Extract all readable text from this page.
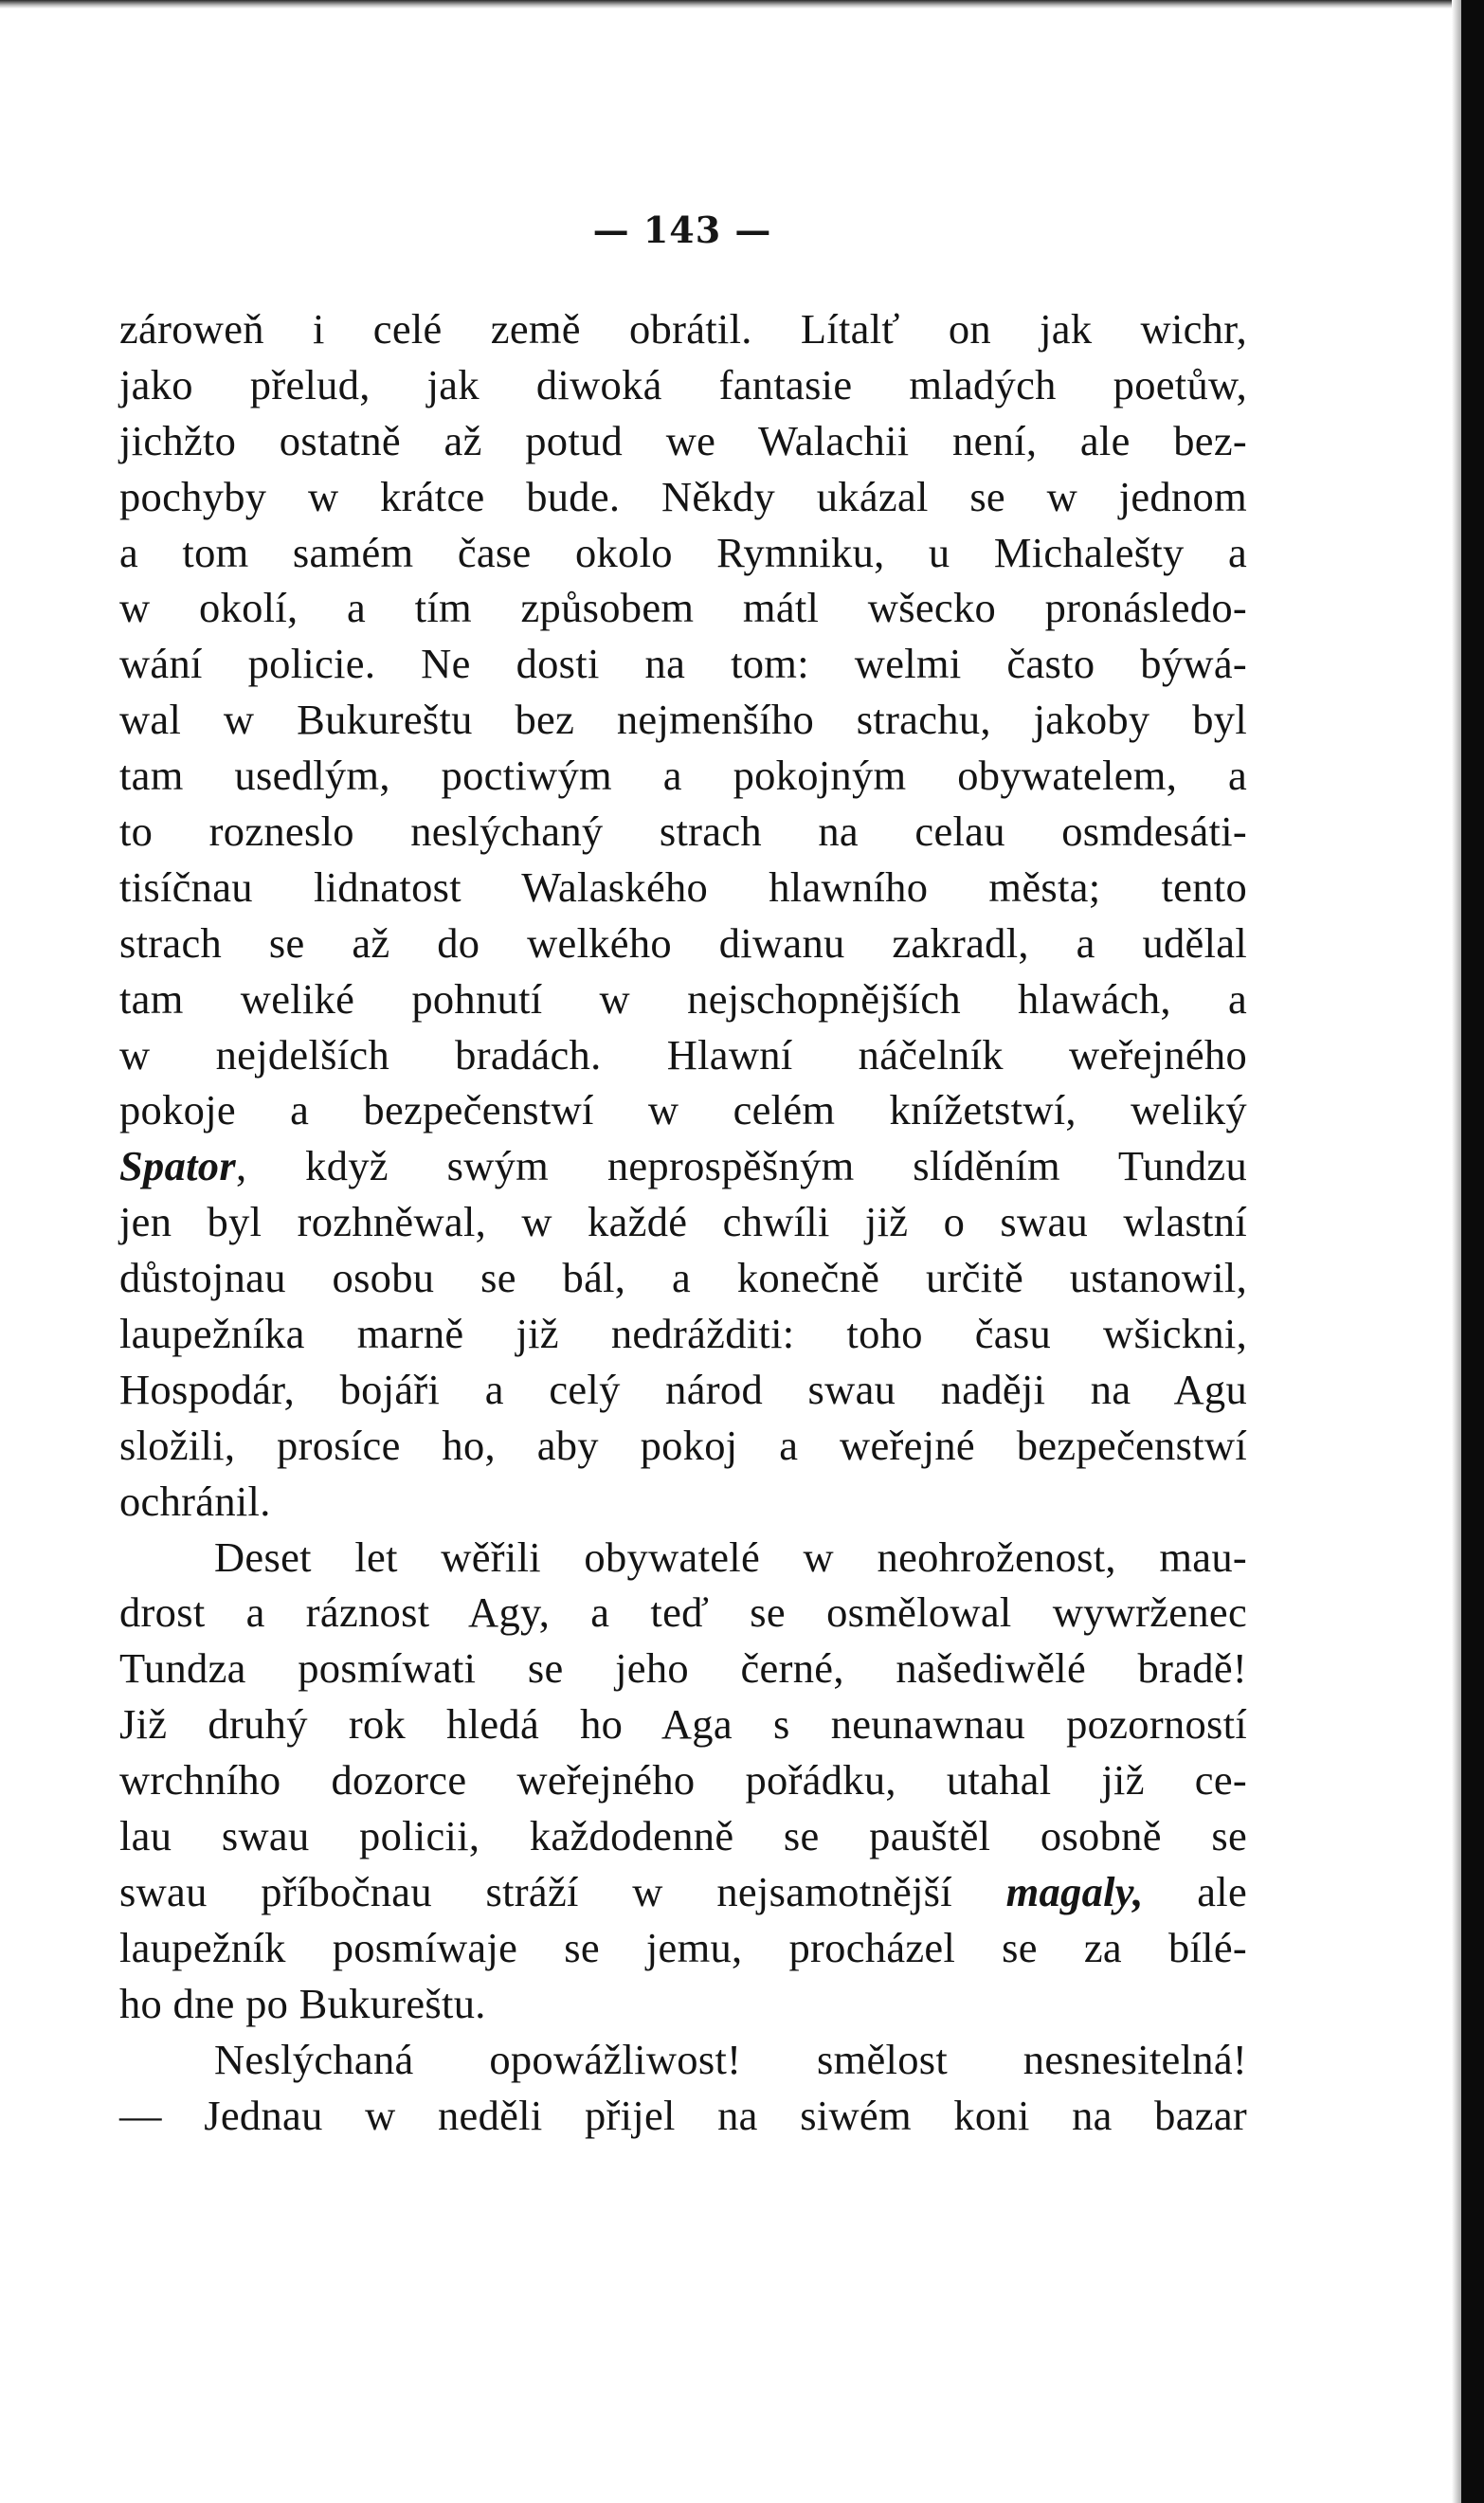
— 143 —
zároweň i celé země obrátil. Lítalť on jak wichr,
jako přelud, jak diwoká fantasie mladých poetůw,
jichžto ostatně až potud we Walachii není, ale bez-
pochyby w krátce bude. Někdy ukázal se w jednom
a tom samém čase okolo Rymniku, u Michalešty a
w okolí, a tím způsobem mátl wšecko pronásledo-
wání policie. Ne dosti na tom: welmi často býwá-
wal w Bukureštu bez nejmenšího strachu, jakoby byl
tam usedlým, poctiwým a pokojným obywatelem, a
to rozneslo neslýchaný strach na celau osmdesáti-
tisíčnau lidnatost Walaského hlawního města; tento
strach se až do welkého diwanu zakradl, a udělal
tam weliké pohnutí w nejschopnějších hlawách, a
w nejdelších bradách. Hlawní náčelník weřejného
pokoje a bezpečenstwí w celém knížetstwí, weliký
Spator, když swým neprospěšným slíděním Tundzu
jen byl rozhněwal, w každé chwíli již o swau wlastní
důstojnau osobu se bál, a konečně určitě ustanowil,
laupežníka marně již nedrážditi: toho času wšickni,
Hospodár, bojáři a celý národ swau naději na Agu
složili, prosíce ho, aby pokoj a weřejné bezpečenstwí
ochránil.
Deset let wěřili obywatelé w neohroženost, mau-
drost a ráznost Agy, a teď se osmělowal wywrženec
Tundza posmíwati se jeho černé, našediwělé bradě!
Již druhý rok hledá ho Aga s neunawnau pozorností
wrchního dozorce weřejného pořádku, utahal již ce-
lau swau policii, každodenně se pauštěl osobně se
swau příbočnau stráží w nejsamotnější magaly, ale
laupežník posmíwaje se jemu, procházel se za bílé-
ho dne po Bukureštu.
Neslýchaná opowážliwost! smělost nesnesitelná!
— Jednau w neděli přijel na siwém koni na bazar
